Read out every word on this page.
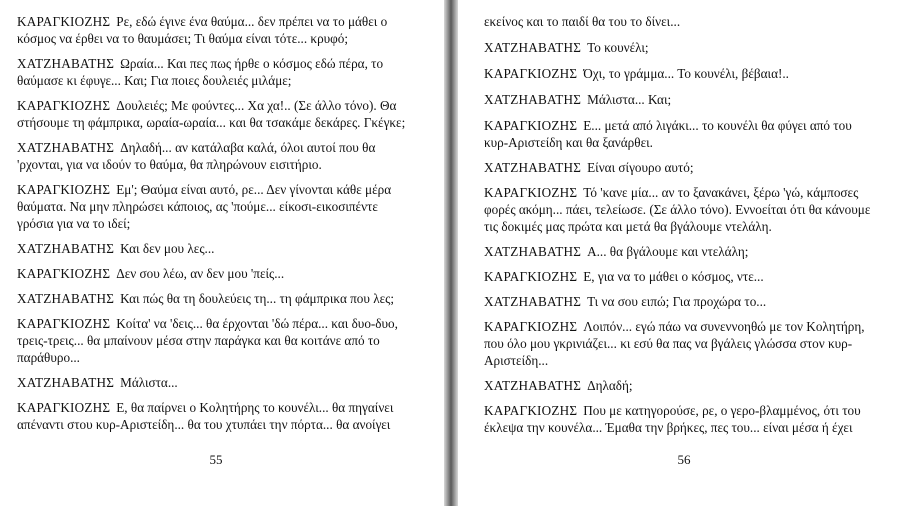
ΚΑΡΑΓΚΙΟΖΗΣ Ρε, εδώ έγινε ένα θαύμα... δεν πρέπει να το μάθει ο
κόσμος να έρθει να το θαυμάσει; Τι θαύμα είναι τότε... κρυφό;
ΧΑΤΖΗΑΒΑΤΗΣ Ωραία... Και πες πως ήρθε ο κόσμος εδώ πέρα, το
θαύμασε κι έφυγε... Και; Για ποιες δουλειές μιλάμε;
ΚΑΡΑΓΚΙΟΖΗΣ Δουλειές; Με φούντες... Χα χα!.. (Σε άλλο τόνο). Θα
στήσουμε τη φάμπρικα, ωραία-ωραία... και θα τσακάμε δεκάρες. Γκέγκε;
ΧΑΤΖΗΑΒΑΤΗΣ Δηλαδή... αν κατάλαβα καλά, όλοι αυτοί που θα
'ρχονται, για να ιδούν το θαύμα, θα πληρώνουν εισιτήριο.
ΚΑΡΑΓΚΙΟΖΗΣ Εμ'; Θαύμα είναι αυτό, ρε... Δεν γίνονται κάθε μέρα
θαύματα. Να μην πληρώσει κάποιος, ας 'πούμε... είκοσι-εικοσιπέντε
γρόσια για να το ιδεί;
ΧΑΤΖΗΑΒΑΤΗΣ Και δεν μου λες...
ΚΑΡΑΓΚΙΟΖΗΣ Δεν σου λέω, αν δεν μου 'πείς...
ΧΑΤΖΗΑΒΑΤΗΣ Και πώς θα τη δουλεύεις τη... τη φάμπρικα που λες;
ΚΑΡΑΓΚΙΟΖΗΣ Κοίτα' να 'δεις... θα έρχονται 'δώ πέρα... και δυο-δυο,
τρεις-τρεις... θα μπαίνουν μέσα στην παράγκα και θα κοιτάνε από το
παράθυρο...
ΧΑΤΖΗΑΒΑΤΗΣ Μάλιστα...
ΚΑΡΑΓΚΙΟΖΗΣ Ε, θα παίρνει ο Κολητήρης το κουνέλι... θα πηγαίνει
απέναντι στου κυρ-Αριστείδη... θα του χτυπάει την πόρτα... θα ανοίγει
55
εκείνος και το παιδί θα του το δίνει...
ΧΑΤΖΗΑΒΑΤΗΣ Το κουνέλι;
ΚΑΡΑΓΚΙΟΖΗΣ Όχι, το γράμμα... Το κουνέλι, βέβαια!..
ΧΑΤΖΗΑΒΑΤΗΣ Μάλιστα... Και;
ΚΑΡΑΓΚΙΟΖΗΣ Ε... μετά από λιγάκι... το κουνέλι θα φύγει από του
κυρ-Αριστείδη και θα ξανάρθει.
ΧΑΤΖΗΑΒΑΤΗΣ Είναι σίγουρο αυτό;
ΚΑΡΑΓΚΙΟΖΗΣ Τό 'κανε μία... αν το ξανακάνει, ξέρω 'γώ, κάμποσες
φορές ακόμη... πάει, τελείωσε. (Σε άλλο τόνο). Εννοείται ότι θα κάνουμε
τις δοκιμές μας πρώτα και μετά θα βγάλουμε ντελάλη.
ΧΑΤΖΗΑΒΑΤΗΣ Α... θα βγάλουμε και ντελάλη;
ΚΑΡΑΓΚΙΟΖΗΣ Ε, για να το μάθει ο κόσμος, ντε...
ΧΑΤΖΗΑΒΑΤΗΣ Τι να σου ειπώ; Για προχώρα το...
ΚΑΡΑΓΚΙΟΖΗΣ Λοιπόν... εγώ πάω να συνεννοηθώ με τον Κολητήρη,
που όλο μου γκρινιάζει... κι εσύ θα πας να βγάλεις γλώσσα στον κυρ-
Αριστείδη...
ΧΑΤΖΗΑΒΑΤΗΣ Δηλαδή;
ΚΑΡΑΓΚΙΟΖΗΣ Που με κατηγορούσε, ρε, ο γερο-βλαμμένος, ότι του
έκλεψα την κουνέλα... Έμαθα την βρήκες, πες του... είναι μέσα ή έχει
56
